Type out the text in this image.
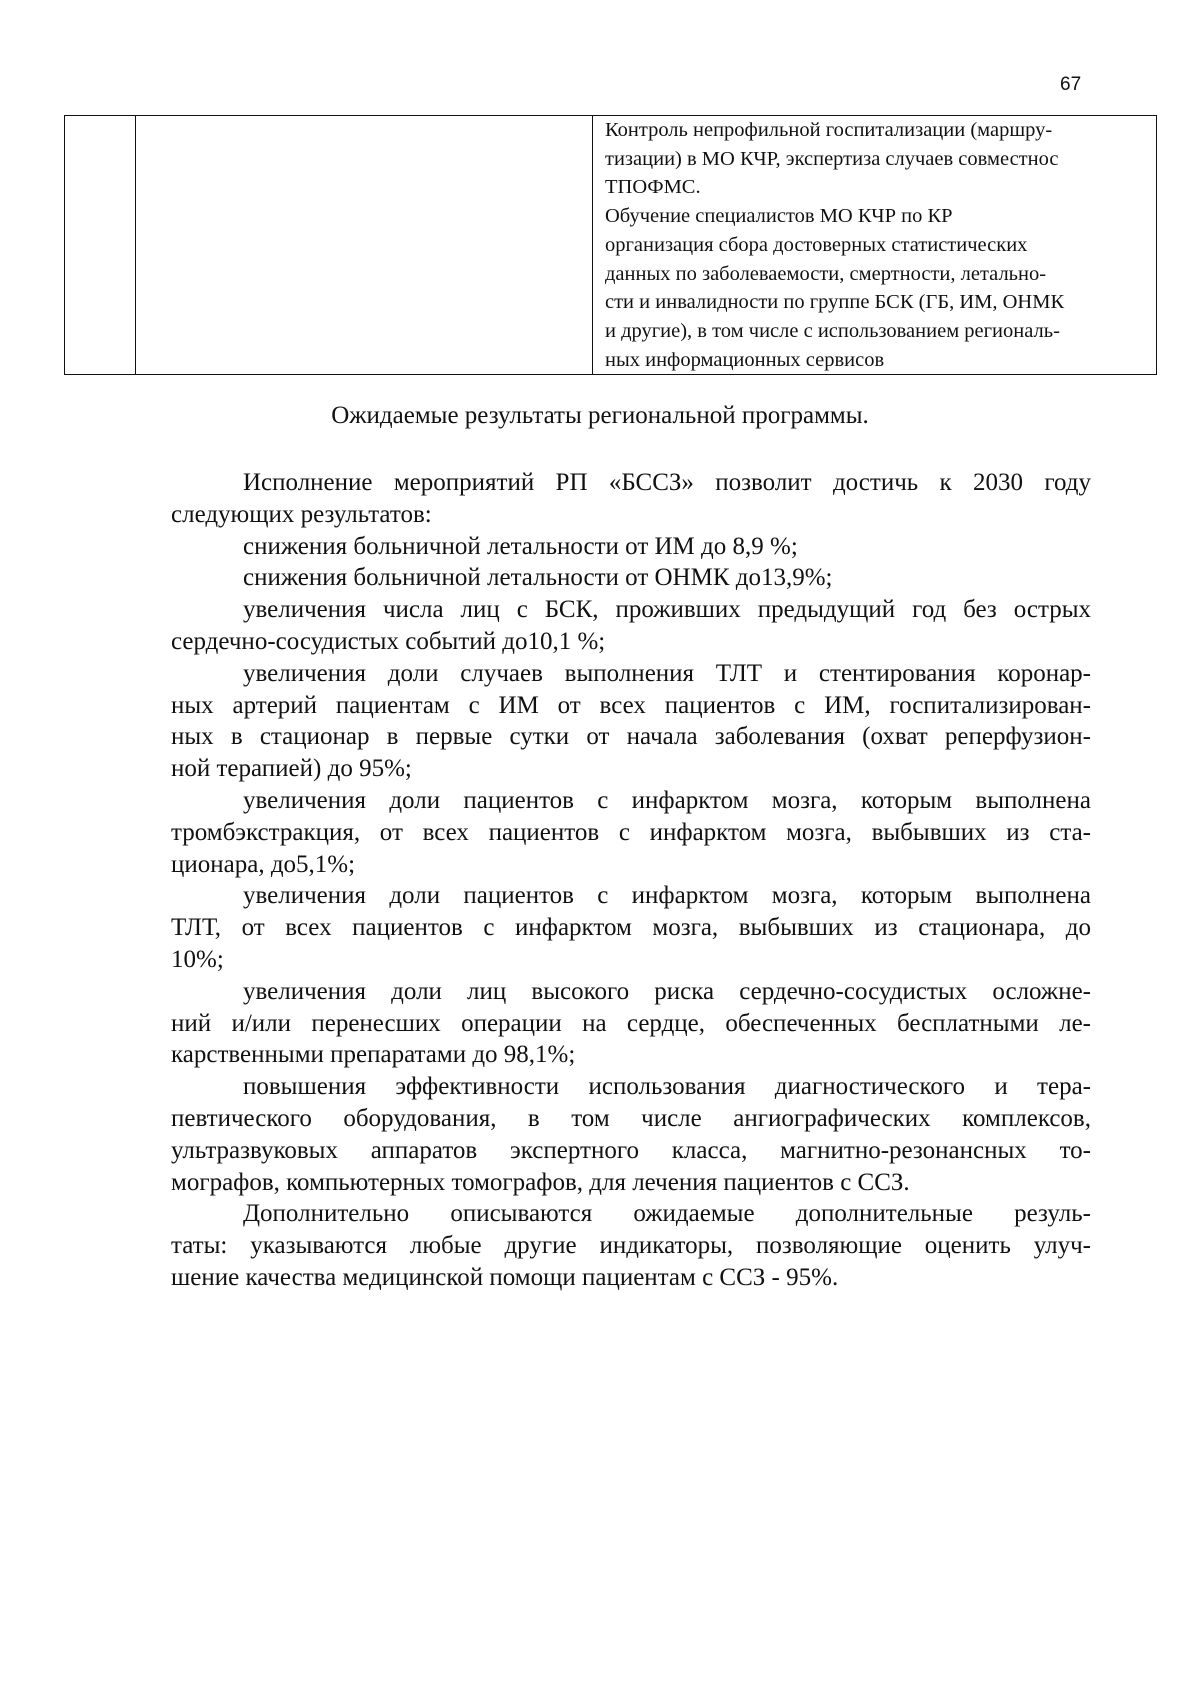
67

Контроль непрофильной госпитализации (маршру-
тизации) в МО КЧР, экспертиза случаев совместнос
ТПОФМС.
Обучение специалистов МО КЧР по КР
организация сбора достоверных статистических
данных по заболеваемости, смертности, летально-
сти и инвалидности по группе БСК (ГБ, ИМ, ОНМК
и другие), в том числе с использованием региональ-
ных информационных сервисов
Ожидаемые результаты региональной программы.
Исполнение мероприятий РП «БССЗ» позволит достичь к 2030 году
следующих результатов:
снижения больничной летальности от ИМ до 8,9 %;
снижения больничной летальности от ОНМК до13,9%;
увеличения числа лиц с БСК, проживших предыдущий год без острых
сердечно-сосудистых событий до10,1 %;
увеличения доли случаев выполнения ТЛТ и стентирования коронар-
ных артерий пациентам с ИМ от всех пациентов с ИМ, госпитализирован-
ных в стационар в первые сутки от начала заболевания (охват реперфузион-
ной терапией) до 95%;
увеличения доли пациентов с инфарктом мозга, которым выполнена
тромбэкстракция, от всех пациентов с инфарктом мозга, выбывших из ста-
ционара, до5,1%;
увеличения доли пациентов с инфарктом мозга, которым выполнена
ТЛТ, от всех пациентов с инфарктом мозга, выбывших из стационара, до
10%;
увеличения доли лиц высокого риска сердечно-сосудистых осложне-
ний и/или перенесших операции на сердце, обеспеченных бесплатными ле-
карственными препаратами до 98,1%;
повышения эффективности использования диагностического и тера-
певтического оборудования, в том числе ангиографических комплексов,
ультразвуковых аппаратов экспертного класса, магнитно-резонансных то-
мографов, компьютерных томографов, для лечения пациентов с ССЗ.
Дополнительно описываются ожидаемые дополнительные резуль-
таты: указываются любые другие индикаторы, позволяющие оценить улуч-
шение качества медицинской помощи пациентам с ССЗ - 95%.
